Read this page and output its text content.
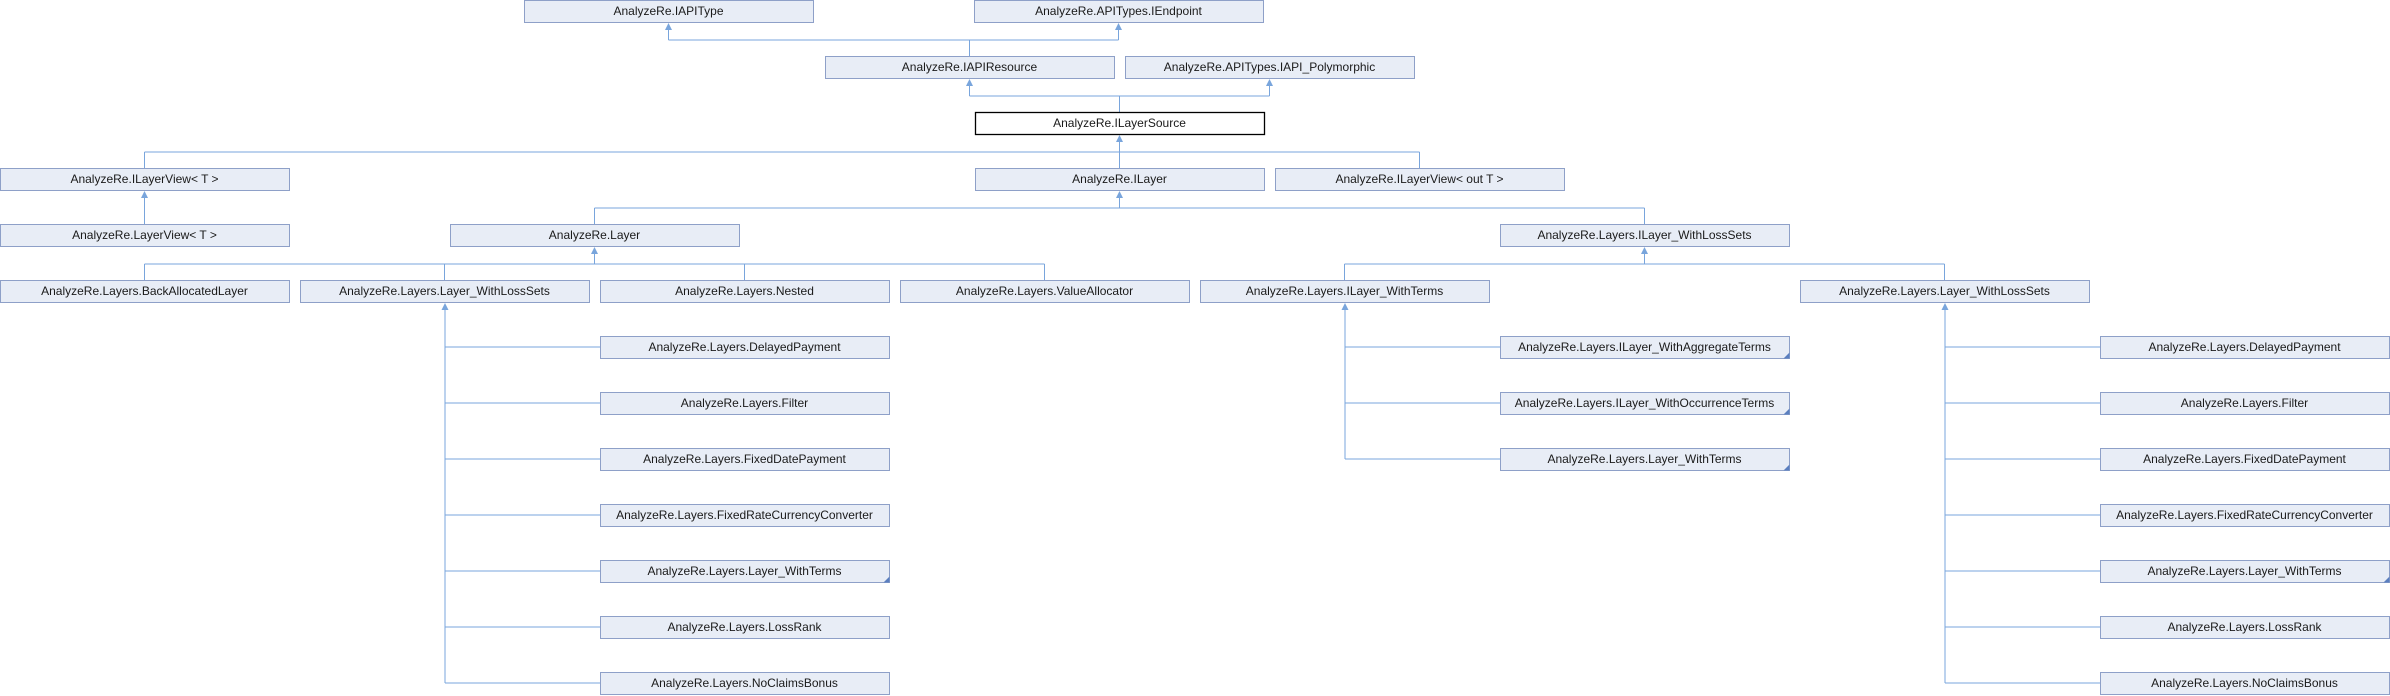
AnalyzeRe.IAPIType	AnalyzeRe.APITypes.IEndpoint
AnalyzeRe.IAPIResource	AnalyzeRe.APITypes.IAPI_Polymorphic
AnalyzeRe.ILayerSource
AnalyzeRe.ILayerView< T >	AnalyzeRe.ILayer	AnalyzeRe.ILayerView< out T >
AnalyzeRe.LayerView< T >	AnalyzeRe.Layer	AnalyzeRe.Layers.ILayer_WithLossSets
AnalyzeRe.Layers.BackAllocatedLayer	AnalyzeRe.Layers.Layer_WithLossSets	AnalyzeRe.Layers.Nested	AnalyzeRe.Layers.ValueAllocator	AnalyzeRe.Layers.ILayer_WithTerms	AnalyzeRe.Layers.Layer_WithLossSets
AnalyzeRe.Layers.DelayedPayment
AnalyzeRe.Layers.Filter
AnalyzeRe.Layers.FixedDatePayment
AnalyzeRe.Layers.FixedRateCurrencyConverter
AnalyzeRe.Layers.Layer_WithTerms
AnalyzeRe.Layers.LossRank
AnalyzeRe.Layers.NoClaimsBonus
AnalyzeRe.Layers.ILayer_WithAggregateTerms
AnalyzeRe.Layers.ILayer_WithOccurrenceTerms
AnalyzeRe.Layers.Layer_WithTerms
AnalyzeRe.Layers.DelayedPayment
AnalyzeRe.Layers.Filter
AnalyzeRe.Layers.FixedDatePayment
AnalyzeRe.Layers.FixedRateCurrencyConverter
AnalyzeRe.Layers.Layer_WithTerms
AnalyzeRe.Layers.LossRank
AnalyzeRe.Layers.NoClaimsBonus
